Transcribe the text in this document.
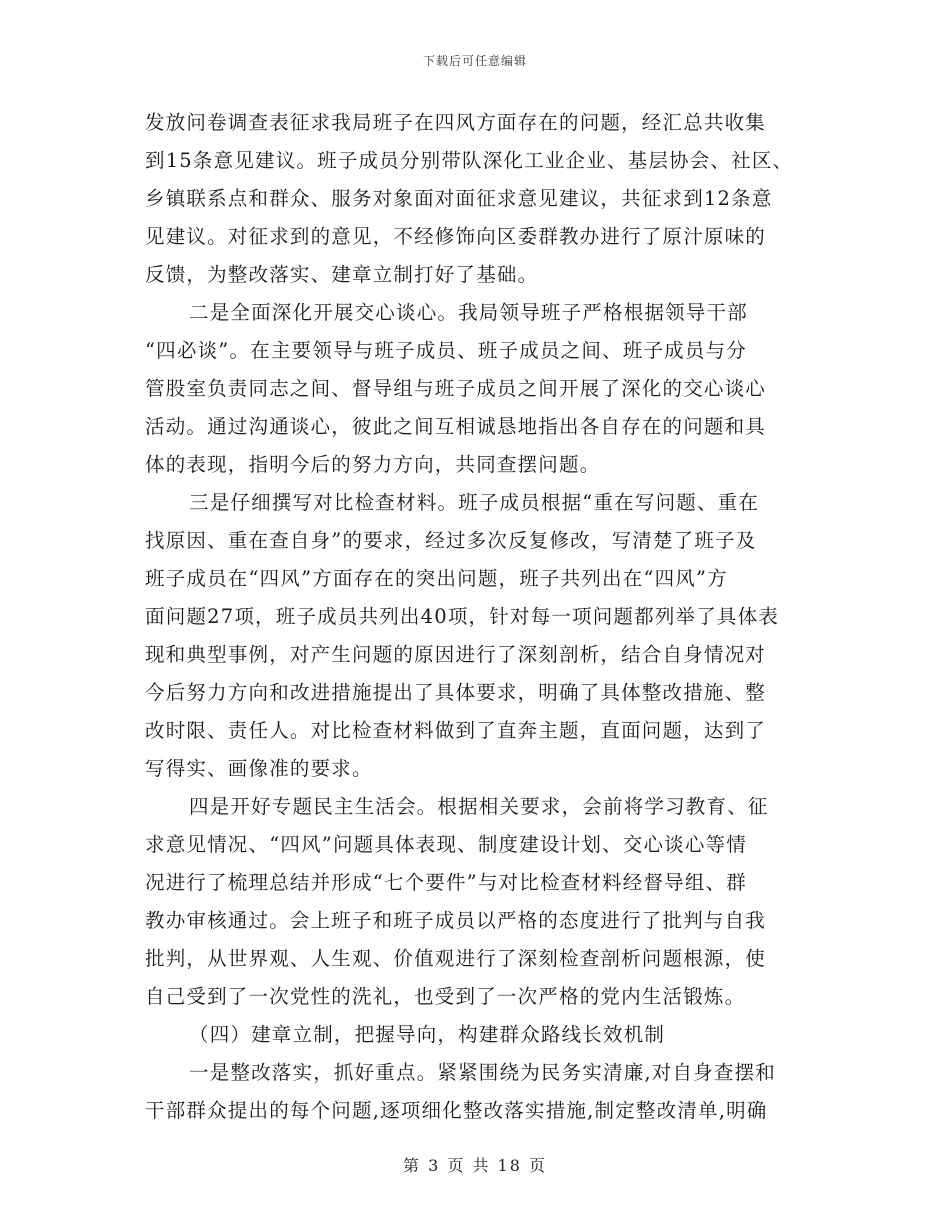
下载后可任意编辑
发放问卷调查表征求我局班子在四风方面存在的问题，经汇总共收集
到15条意见建议。班子成员分别带队深化工业企业、基层协会、社区、
乡镇联系点和群众、服务对象面对面征求意见建议，共征求到12条意
见建议。对征求到的意见，不经修饰向区委群教办进行了原汁原味的
反馈，为整改落实、建章立制打好了基础。
二是全面深化开展交心谈心。我局领导班子严格根据领导干部
“四必谈”。在主要领导与班子成员、班子成员之间、班子成员与分
管股室负责同志之间、督导组与班子成员之间开展了深化的交心谈心
活动。通过沟通谈心，彼此之间互相诚恳地指出各自存在的问题和具
体的表现，指明今后的努力方向，共同查摆问题。
三是仔细撰写对比检查材料。班子成员根据“重在写问题、重在
找原因、重在查自身”的要求，经过多次反复修改，写清楚了班子及
班子成员在“四风”方面存在的突出问题，班子共列出在“四风”方
面问题27项，班子成员共列出40项，针对每一项问题都列举了具体表
现和典型事例，对产生问题的原因进行了深刻剖析，结合自身情况对
今后努力方向和改进措施提出了具体要求，明确了具体整改措施、整
改时限、责任人。对比检查材料做到了直奔主题，直面问题，达到了
写得实、画像准的要求。
四是开好专题民主生活会。根据相关要求，会前将学习教育、征
求意见情况、“四风”问题具体表现、制度建设计划、交心谈心等情
况进行了梳理总结并形成“七个要件”与对比检查材料经督导组、群
教办审核通过。会上班子和班子成员以严格的态度进行了批判与自我
批判，从世界观、人生观、价值观进行了深刻检查剖析问题根源，使
自己受到了一次党性的洗礼，也受到了一次严格的党内生活锻炼。
（四）建章立制，把握导向，构建群众路线长效机制
一是整改落实，抓好重点。紧紧围绕为民务实清廉,对自身查摆和
干部群众提出的每个问题,逐项细化整改落实措施,制定整改清单,明确
第 3 页 共 18 页
